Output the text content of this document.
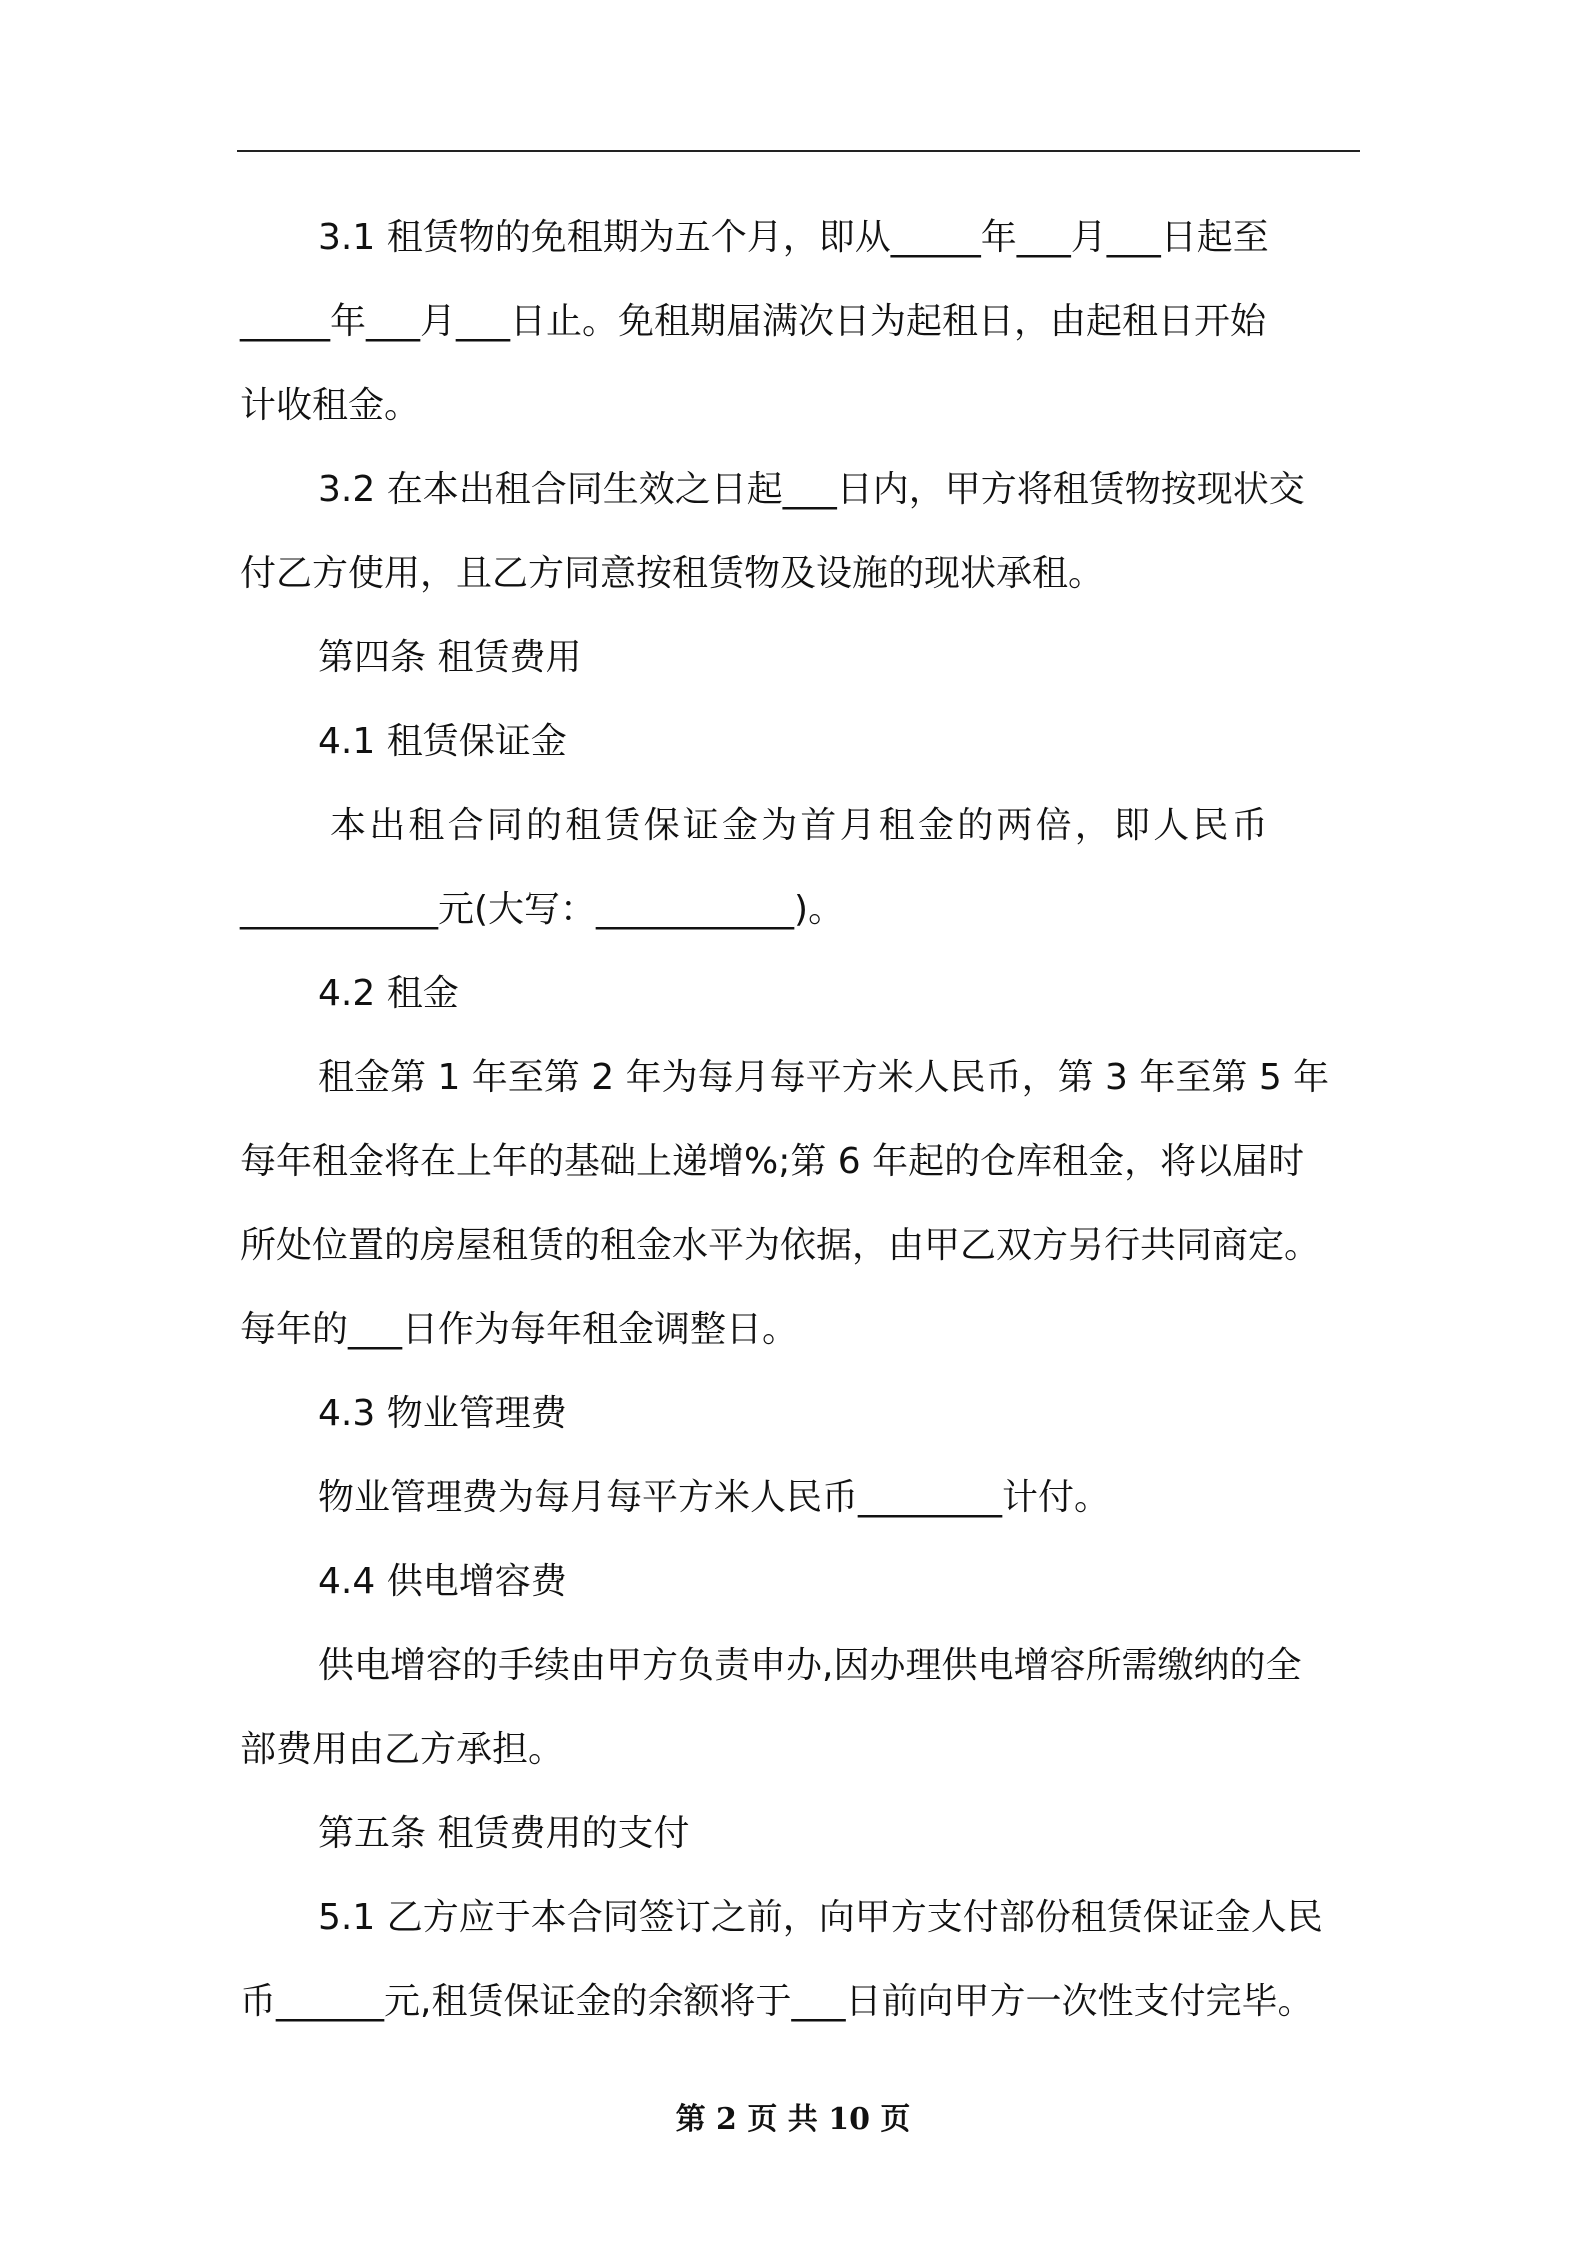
3.1 租赁物的免租期为五个月，即从_____年___月___日起至

_____年___月___日止。免租期届满次日为起租日，由起租日开始

计收租金。

3.2 在本出租合同生效之日起___日内，甲方将租赁物按现状交

付乙方使用，且乙方同意按租赁物及设施的现状承租。

第四条 租赁费用

4.1 租赁保证金

本出租合同的租赁保证金为首月租金的两倍，即人民币

___________元(大写：___________)。

4.2 租金

租金第 1 年至第 2 年为每月每平方米人民币，第 3 年至第 5 年

每年租金将在上年的基础上递增%;第 6 年起的仓库租金，将以届时

所处位置的房屋租赁的租金水平为依据，由甲乙双方另行共同商定。

每年的___日作为每年租金调整日。

4.3 物业管理费

物业管理费为每月每平方米人民币________计付。

4.4 供电增容费

供电增容的手续由甲方负责申办,因办理供电增容所需缴纳的全

部费用由乙方承担。

第五条 租赁费用的支付

5.1 乙方应于本合同签订之前，向甲方支付部份租赁保证金人民

币______元,租赁保证金的余额将于___日前向甲方一次性支付完毕。

第 2 页 共 10 页
